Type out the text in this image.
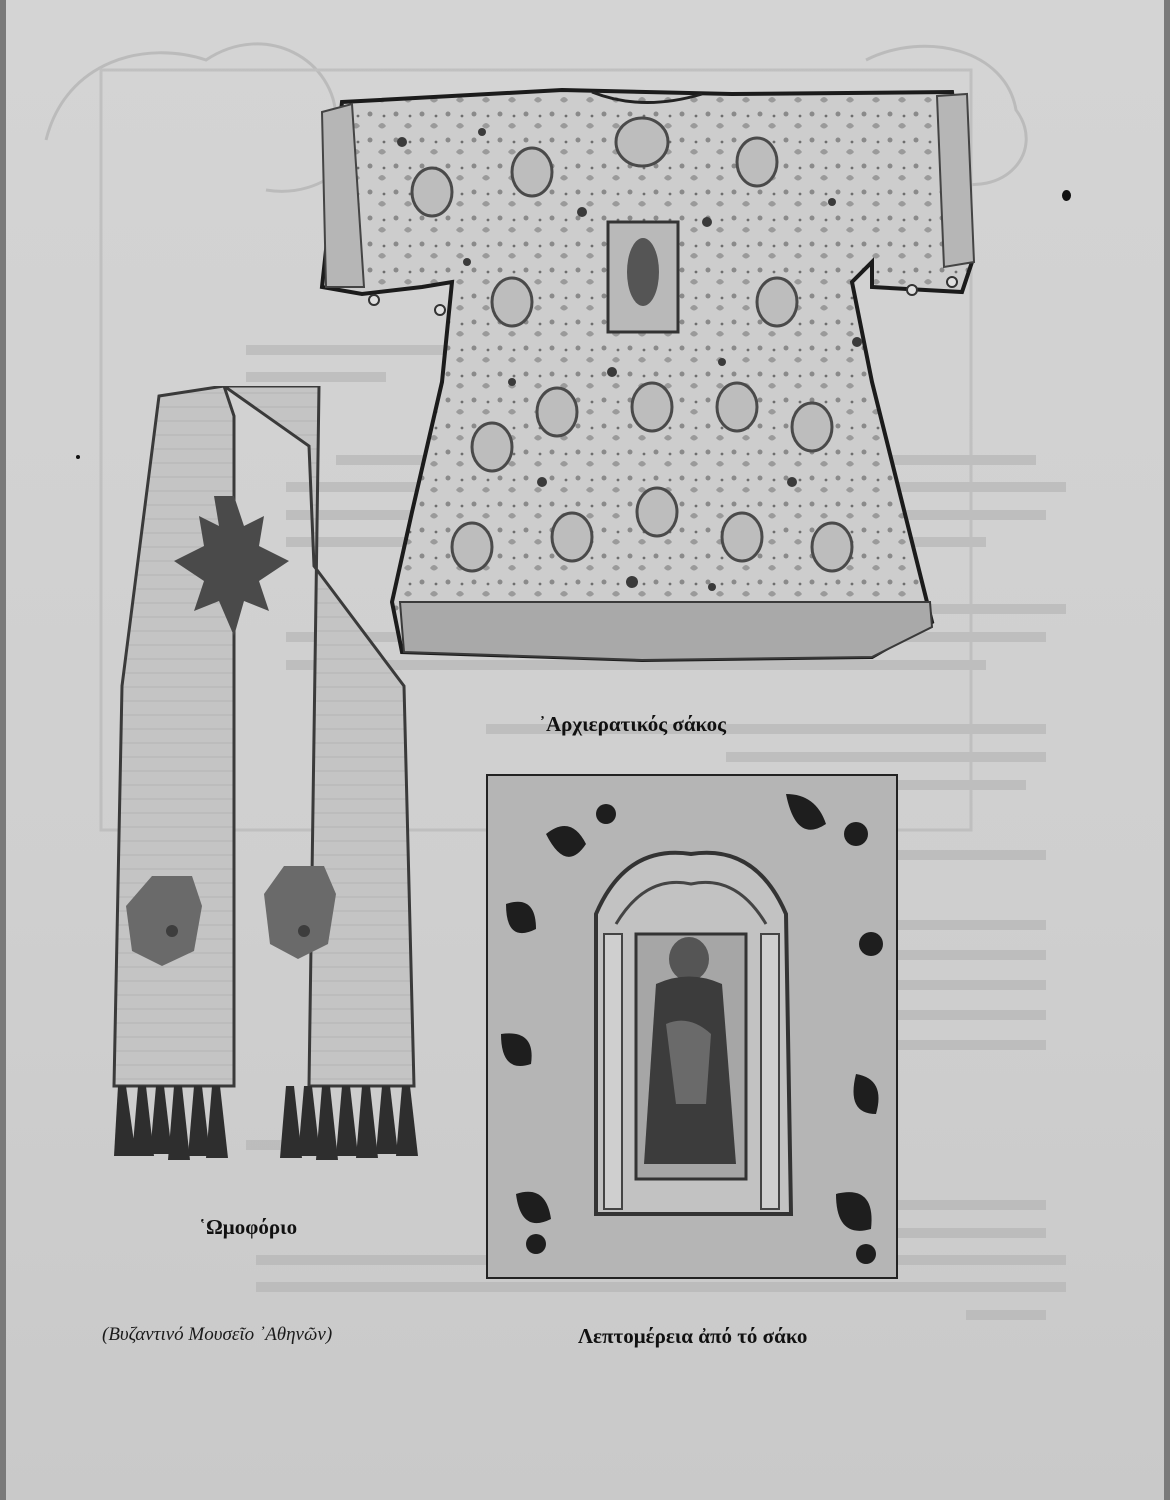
᾿Αρχιερατικός σάκος
῾Ωμοφόριο
Λεπτομέρεια ἀπό τό σάκο
(Βυζαντινό Μουσεῖο ᾿Αθηνῶν)
